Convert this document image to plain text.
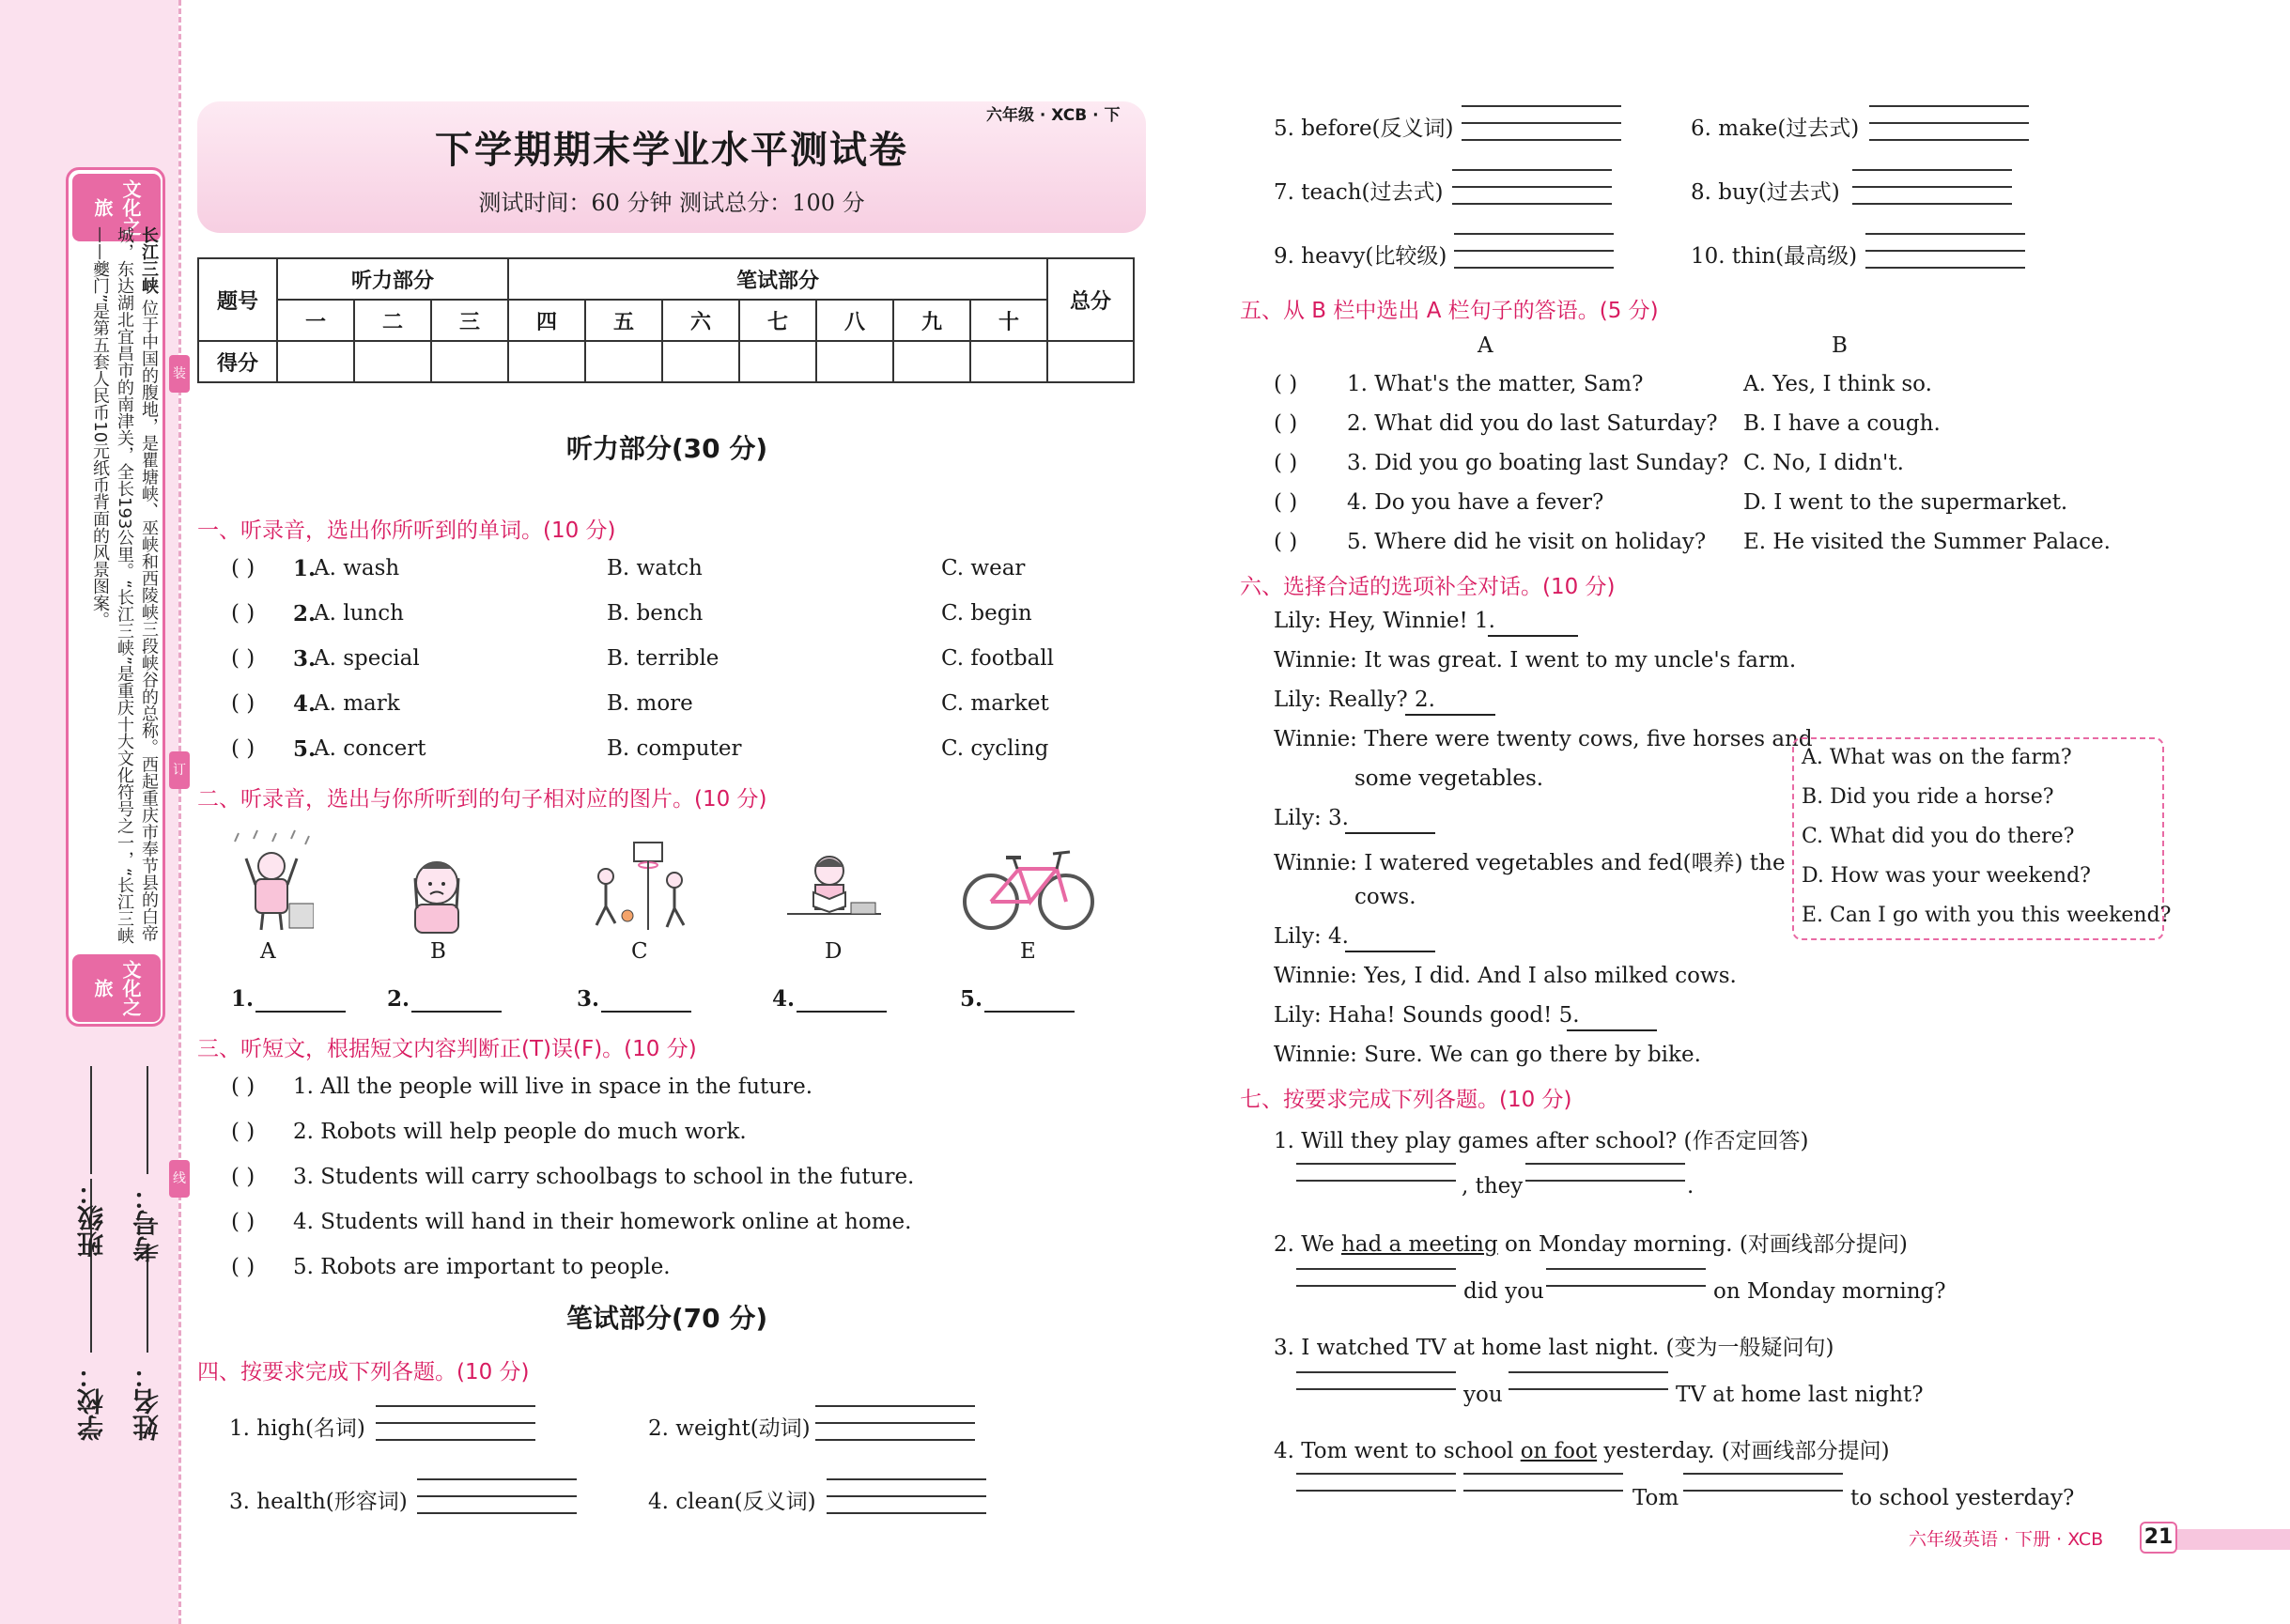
文化之旅
长江三峡 位于中国的腹地，是瞿塘峡、巫峡和西陵峡三段峡谷的总称。西起重庆市奉节县的白帝城，东达湖北宜昌市的南津关，全长193公里。“长江三峡”是重庆十大文化符号之一，“长江三峡——夔门”是第五套人民币10元纸币背面的风景图案。
文化之旅
装
订
线
学校：
班级：
姓名：
考号：
六年级 · XCB · 下
下学期期末学业水平测试卷
测试时间：60 分钟 测试总分：100 分
题号	听力部分			笔试部分							总分
	一	二	三	四	五	六	七	八	九	十	
得分											
听力部分(30 分)
一、听录音，选出你所听到的单词。(10 分)
( ) 1.
A. wash	B. watch	C. wear
( ) 2.
A. lunch	B. bench	C. begin
( ) 3.
A. special	B. terrible	C. football
( ) 4.
A. mark	B. more	C. market
( ) 5.
A. concert	B. computer	C. cycling
二、听录音，选出与你所听到的句子相对应的图片。(10 分)
A	B	C	D	E
1.	2.	3.	4.	5.
三、听短文，根据短文内容判断正(T)误(F)。(10 分)
( ) 1. All the people will live in space in the future.
( ) 2. Robots will help people do much work.
( ) 3. Students will carry schoolbags to school in the future.
( ) 4. Students will hand in their homework online at home.
( ) 5. Robots are important to people.
笔试部分(70 分)
四、按要求完成下列各题。(10 分)
1. high(名词)	2. weight(动词)
3. health(形容词)	4. clean(反义词)
5. before(反义词)	6. make(过去式)
7. teach(过去式)	8. buy(过去式)
9. heavy(比较级)	10. thin(最高级)
五、从 B 栏中选出 A 栏句子的答语。(5 分)
A	B
( ) 1. What's the matter, Sam?	A. Yes, I think so.
( ) 2. What did you do last Saturday? B. I have a cough.
( ) 3. Did you go boating last Sunday? C. No, I didn't.
( ) 4. Do you have a fever?	D. I went to the supermarket.
( ) 5. Where did he visit on holiday? E. He visited the Summer Palace.
六、选择合适的选项补全对话。(10 分)
Lily: Hey, Winnie! 1.
Winnie: It was great. I went to my uncle's farm.
Lily: Really? 2.
Winnie: There were twenty cows, five horses and
some vegetables.
Lily: 3.
Winnie: I watered vegetables and fed(喂养) the
cows.
Lily: 4.
Winnie: Yes, I did. And I also milked cows.
Lily: Haha! Sounds good! 5.
Winnie: Sure. We can go there by bike.
A. What was on the farm?
B. Did you ride a horse?
C. What did you do there?
D. How was your weekend?
E. Can I go with you this weekend?
七、按要求完成下列各题。(10 分)
1. Will they play games after school? (作否定回答)
, they	.
2. We had a meeting on Monday morning. (对画线部分提问)
did you	on Monday morning?
3. I watched TV at home last night. (变为一般疑问句)
you	TV at home last night?
4. Tom went to school on foot yesterday. (对画线部分提问)
Tom	to school yesterday?
六年级英语 · 下册 · XCB 21
